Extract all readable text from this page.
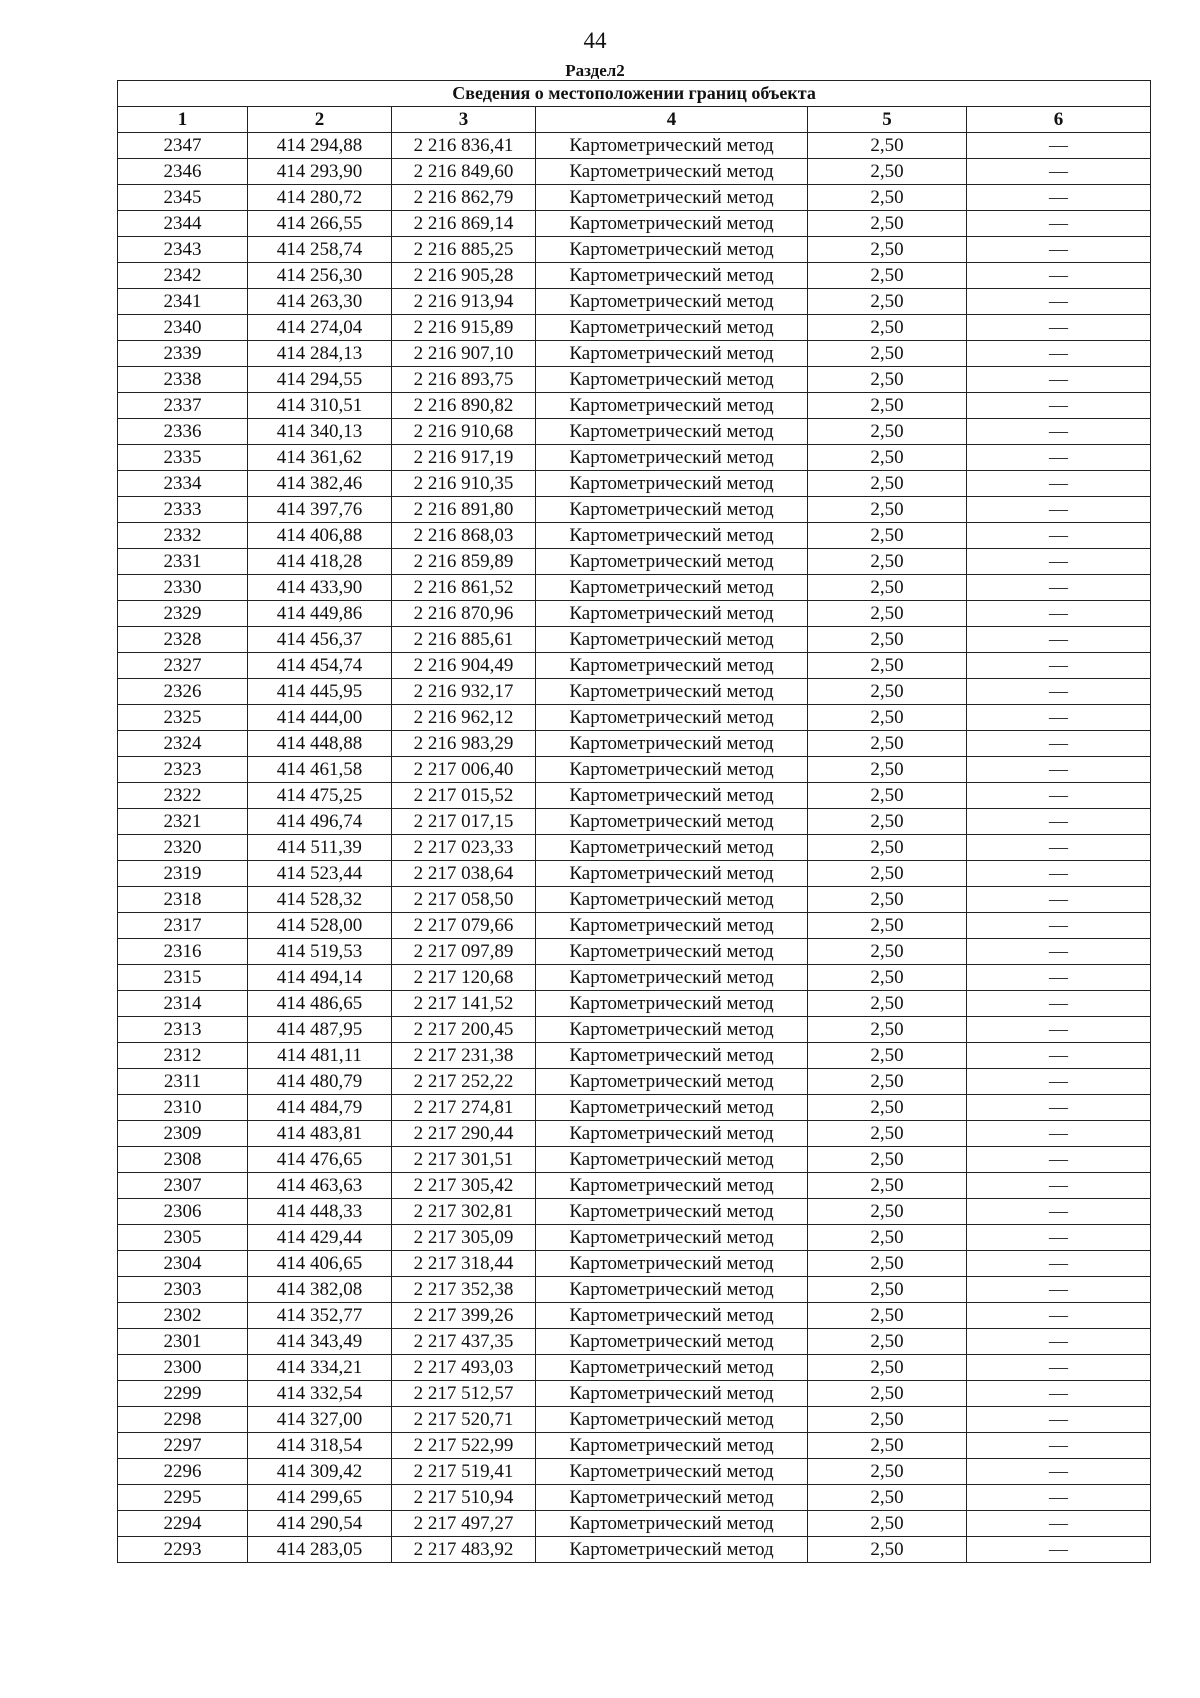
44
Раздел2
Сведения о местоположении границ объекта					
1	2	3	4	5	6
2347	414 294,88	2 216 836,41	Картометрический метод	2,50	—
2346	414 293,90	2 216 849,60	Картометрический метод	2,50	—
2345	414 280,72	2 216 862,79	Картометрический метод	2,50	—
2344	414 266,55	2 216 869,14	Картометрический метод	2,50	—
2343	414 258,74	2 216 885,25	Картометрический метод	2,50	—
2342	414 256,30	2 216 905,28	Картометрический метод	2,50	—
2341	414 263,30	2 216 913,94	Картометрический метод	2,50	—
2340	414 274,04	2 216 915,89	Картометрический метод	2,50	—
2339	414 284,13	2 216 907,10	Картометрический метод	2,50	—
2338	414 294,55	2 216 893,75	Картометрический метод	2,50	—
2337	414 310,51	2 216 890,82	Картометрический метод	2,50	—
2336	414 340,13	2 216 910,68	Картометрический метод	2,50	—
2335	414 361,62	2 216 917,19	Картометрический метод	2,50	—
2334	414 382,46	2 216 910,35	Картометрический метод	2,50	—
2333	414 397,76	2 216 891,80	Картометрический метод	2,50	—
2332	414 406,88	2 216 868,03	Картометрический метод	2,50	—
2331	414 418,28	2 216 859,89	Картометрический метод	2,50	—
2330	414 433,90	2 216 861,52	Картометрический метод	2,50	—
2329	414 449,86	2 216 870,96	Картометрический метод	2,50	—
2328	414 456,37	2 216 885,61	Картометрический метод	2,50	—
2327	414 454,74	2 216 904,49	Картометрический метод	2,50	—
2326	414 445,95	2 216 932,17	Картометрический метод	2,50	—
2325	414 444,00	2 216 962,12	Картометрический метод	2,50	—
2324	414 448,88	2 216 983,29	Картометрический метод	2,50	—
2323	414 461,58	2 217 006,40	Картометрический метод	2,50	—
2322	414 475,25	2 217 015,52	Картометрический метод	2,50	—
2321	414 496,74	2 217 017,15	Картометрический метод	2,50	—
2320	414 511,39	2 217 023,33	Картометрический метод	2,50	—
2319	414 523,44	2 217 038,64	Картометрический метод	2,50	—
2318	414 528,32	2 217 058,50	Картометрический метод	2,50	—
2317	414 528,00	2 217 079,66	Картометрический метод	2,50	—
2316	414 519,53	2 217 097,89	Картометрический метод	2,50	—
2315	414 494,14	2 217 120,68	Картометрический метод	2,50	—
2314	414 486,65	2 217 141,52	Картометрический метод	2,50	—
2313	414 487,95	2 217 200,45	Картометрический метод	2,50	—
2312	414 481,11	2 217 231,38	Картометрический метод	2,50	—
2311	414 480,79	2 217 252,22	Картометрический метод	2,50	—
2310	414 484,79	2 217 274,81	Картометрический метод	2,50	—
2309	414 483,81	2 217 290,44	Картометрический метод	2,50	—
2308	414 476,65	2 217 301,51	Картометрический метод	2,50	—
2307	414 463,63	2 217 305,42	Картометрический метод	2,50	—
2306	414 448,33	2 217 302,81	Картометрический метод	2,50	—
2305	414 429,44	2 217 305,09	Картометрический метод	2,50	—
2304	414 406,65	2 217 318,44	Картометрический метод	2,50	—
2303	414 382,08	2 217 352,38	Картометрический метод	2,50	—
2302	414 352,77	2 217 399,26	Картометрический метод	2,50	—
2301	414 343,49	2 217 437,35	Картометрический метод	2,50	—
2300	414 334,21	2 217 493,03	Картометрический метод	2,50	—
2299	414 332,54	2 217 512,57	Картометрический метод	2,50	—
2298	414 327,00	2 217 520,71	Картометрический метод	2,50	—
2297	414 318,54	2 217 522,99	Картометрический метод	2,50	—
2296	414 309,42	2 217 519,41	Картометрический метод	2,50	—
2295	414 299,65	2 217 510,94	Картометрический метод	2,50	—
2294	414 290,54	2 217 497,27	Картометрический метод	2,50	—
2293	414 283,05	2 217 483,92	Картометрический метод	2,50	—
